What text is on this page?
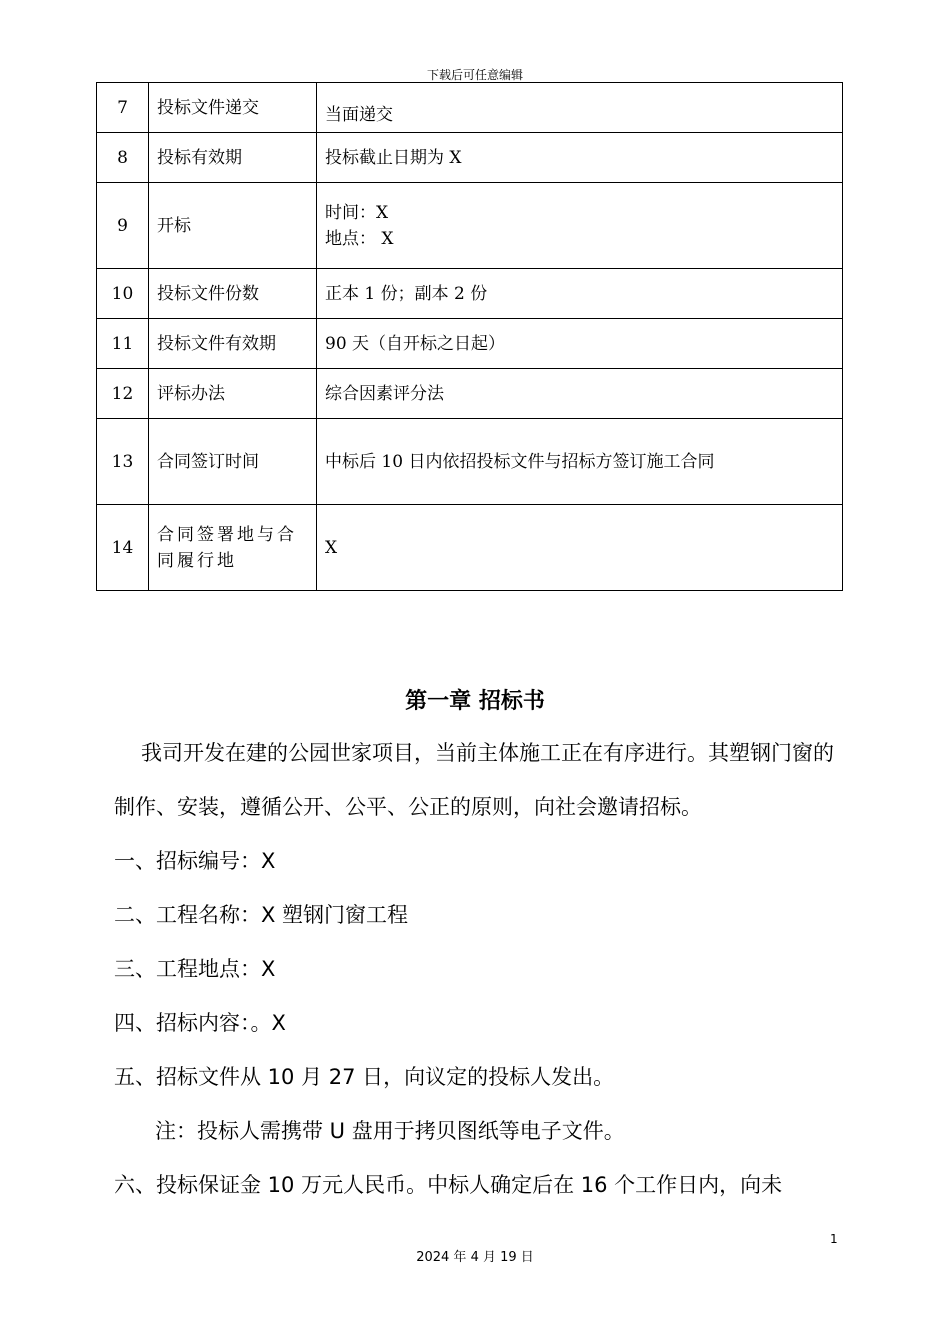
下载后可任意编辑
7	投标文件递交	当面递交

8	投标有效期	投标截止日期为 X
9	开标	时间：X
地点： X

10	投标文件份数	正本 1 份；副本 2 份
11	投标文件有效期	90 天（自开标之日起）
12	评标办法	综合因素评分法
13	合同签订时间	中标后 10 日内依招投标文件与招标方签订施工合同
14	合同签署地与合同履行地	X
第一章 招标书

我司开发在建的公园世家项目，当前主体施工正在有序进行。其塑钢门窗的制作、安装，遵循公开、公平、公正的原则，向社会邀请招标。

一、招标编号：X

二、工程名称：X 塑钢门窗工程

三、工程地点：X

四、招标内容：。X

五、招标文件从 10 月 27 日，向议定的投标人发出。

注：投标人需携带 U 盘用于拷贝图纸等电子文件。

六、投标保证金 10 万元人民币。中标人确定后在 16 个工作日内，向未

1
2024 年 4 月 19 日
